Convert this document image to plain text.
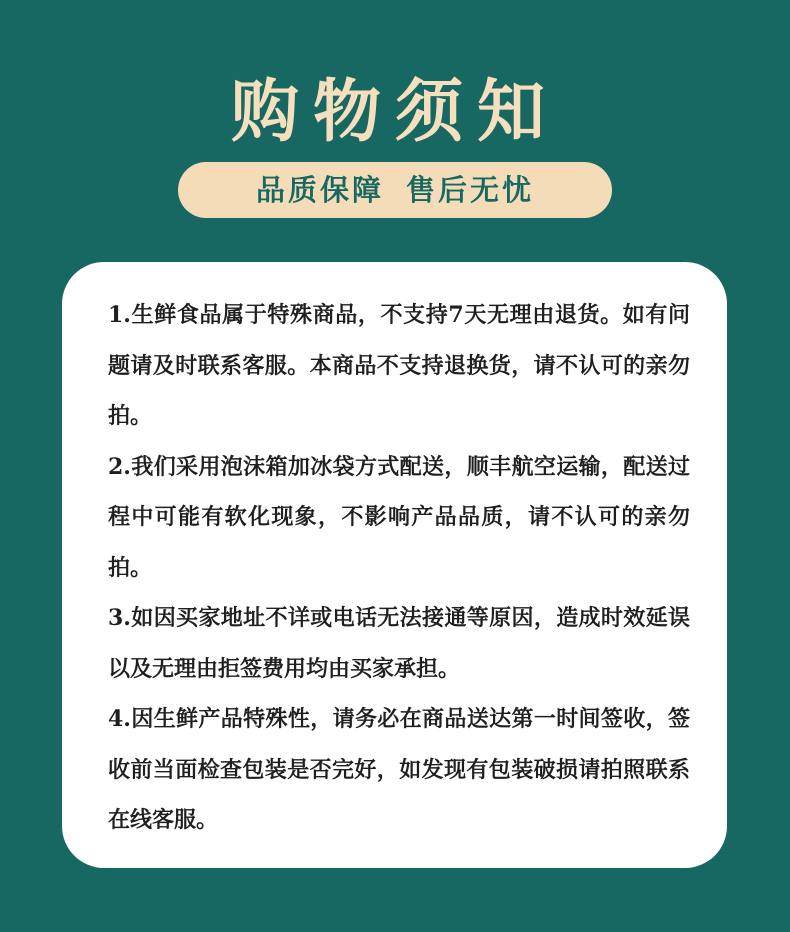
购物须知
品质保障 售后无忧

1.生鲜食品属于特殊商品，不支持7天无理由退货。如有问题请及时联系客服。本商品不支持退换货，请不认可的亲勿拍。

2.我们采用泡沫箱加冰袋方式配送，顺丰航空运输，配送过程中可能有软化现象，不影响产品品质，请不认可的亲勿拍。

3.如因买家地址不详或电话无法接通等原因，造成时效延误以及无理由拒签费用均由买家承担。

4.因生鲜产品特殊性，请务必在商品送达第一时间签收，签收前当面检查包装是否完好，如发现有包装破损请拍照联系在线客服。
